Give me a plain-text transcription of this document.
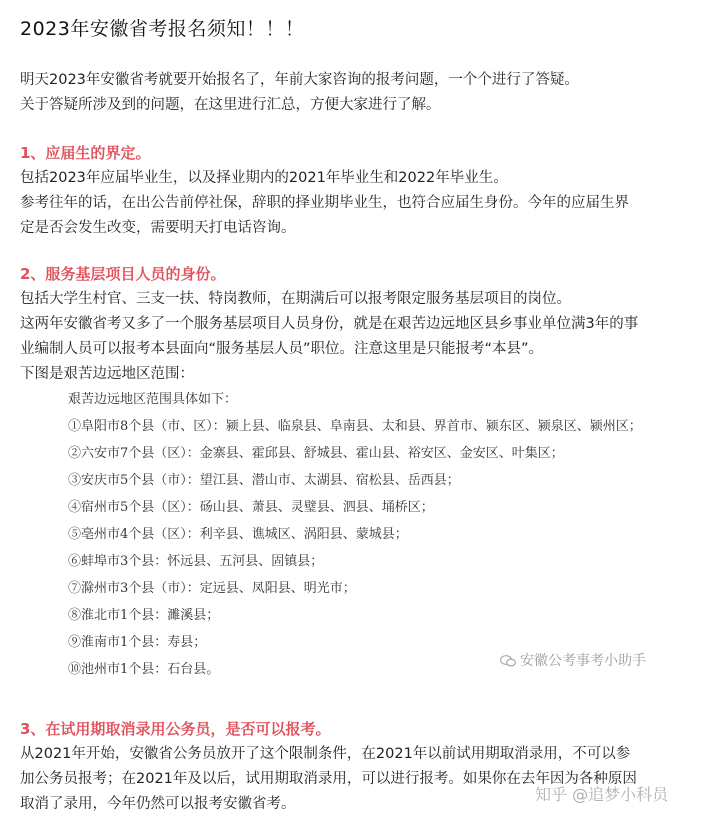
2023年安徽省考报名须知！！！
明天2023年安徽省考就要开始报名了，年前大家咨询的报考问题，一个个进行了答疑。
关于答疑所涉及到的问题，在这里进行汇总，方便大家进行了解。
1、应届生的界定。
包括2023年应届毕业生，以及择业期内的2021年毕业生和2022年毕业生。
参考往年的话，在出公告前停社保，辞职的择业期毕业生，也符合应届生身份。今年的应届生界
定是否会发生改变，需要明天打电话咨询。
2、服务基层项目人员的身份。
包括大学生村官、三支一扶、特岗教师，在期满后可以报考限定服务基层项目的岗位。
这两年安徽省考又多了一个服务基层项目人员身份，就是在艰苦边远地区县乡事业单位满3年的事
业编制人员可以报考本县面向“服务基层人员”职位。注意这里是只能报考“本县”。
下图是艰苦边远地区范围：
艰苦边远地区范围具体如下：
①阜阳市8个县（市、区）：颍上县、临泉县、阜南县、太和县、界首市、颍东区、颍泉区、颍州区；
②六安市7个县（区）：金寨县、霍邱县、舒城县、霍山县、裕安区、金安区、叶集区；
③安庆市5个县（市）：望江县、潜山市、太湖县、宿松县、岳西县；
④宿州市5个县（区）：砀山县、萧县、灵璧县、泗县、埇桥区；
⑤亳州市4个县（区）：利辛县、谯城区、涡阳县、蒙城县；
⑥蚌埠市3个县：怀远县、五河县、固镇县；
⑦滁州市3个县（市）：定远县、凤阳县、明光市；
⑧淮北市1个县：濉溪县；
⑨淮南市1个县：寿县；
⑩池州市1个县：石台县。
安徽公考事考小助手
3、在试用期取消录用公务员，是否可以报考。
从2021年开始，安徽省公务员放开了这个限制条件，在2021年以前试用期取消录用，不可以参
加公务员报考；在2021年及以后，试用期取消录用，可以进行报考。如果你在去年因为各种原因
取消了录用，今年仍然可以报考安徽省考。	知乎 @追梦小科员
